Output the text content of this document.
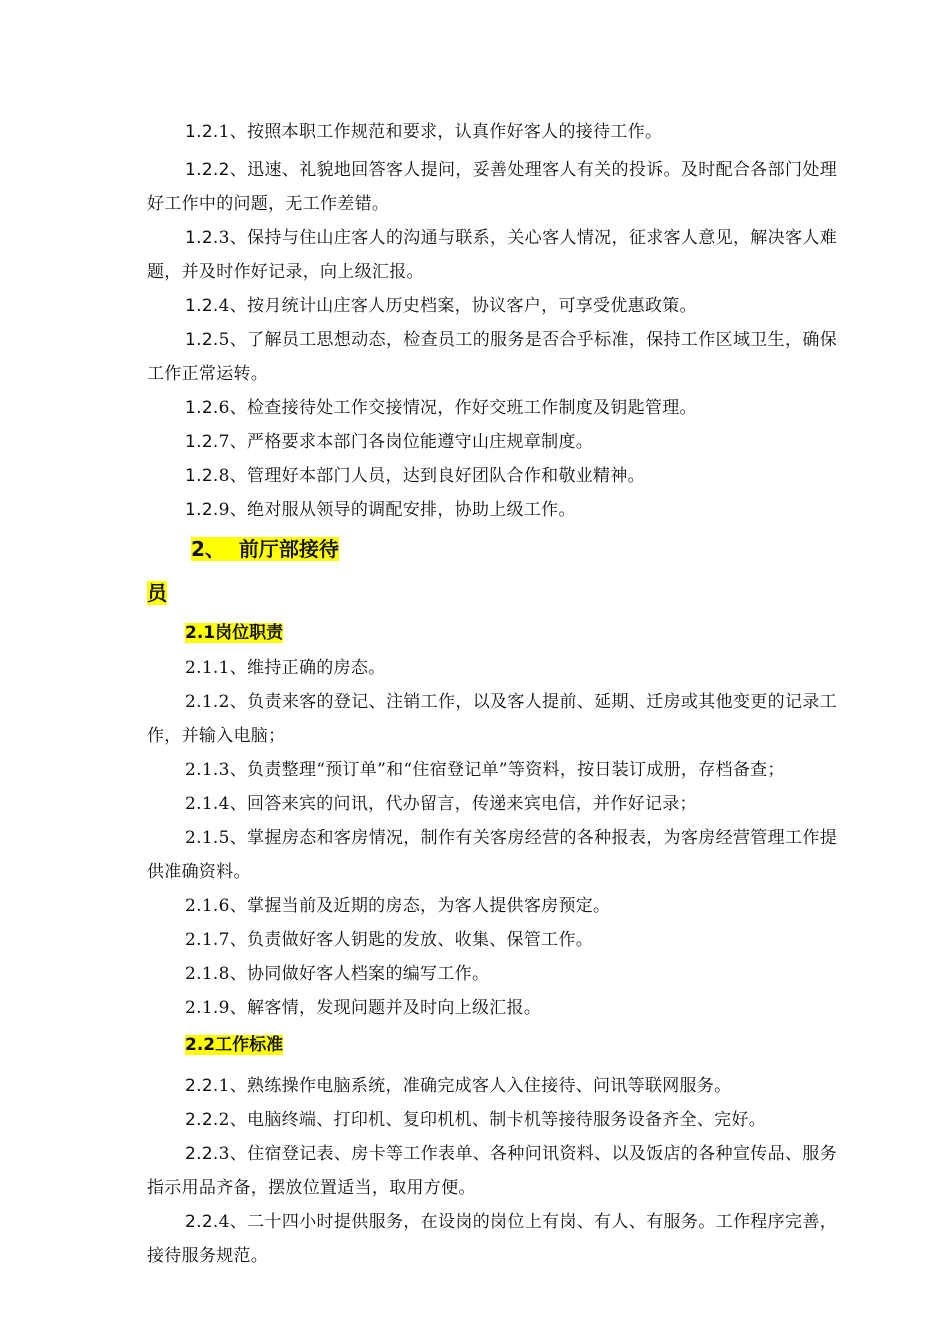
1.2.1、按照本职工作规范和要求，认真作好客人的接待工作。

1.2.2、迅速、礼貌地回答客人提问，妥善处理客人有关的投诉。及时配合各部门处理好工作中的问题，无工作差错。

1.2.3、保持与住山庄客人的沟通与联系，关心客人情况，征求客人意见，解决客人难题，并及时作好记录，向上级汇报。

1.2.4、按月统计山庄客人历史档案，协议客户，可享受优惠政策。

1.2.5、了解员工思想动态，检查员工的服务是否合乎标准，保持工作区域卫生，确保工作正常运转。

1.2.6、检查接待处工作交接情况，作好交班工作制度及钥匙管理。

1.2.7、严格要求本部门各岗位能遵守山庄规章制度。

1.2.8、管理好本部门人员，达到良好团队合作和敬业精神。

1.2.9、绝对服从领导的调配安排，协助上级工作。

2、 前厅部接待
员
2.1岗位职责

2.1.1、维持正确的房态。

2.1.2、负责来客的登记、注销工作，以及客人提前、延期、迁房或其他变更的记录工作，并输入电脑；

2.1.3、负责整理“预订单”和“住宿登记单”等资料，按日装订成册，存档备查；

2.1.4、回答来宾的问讯，代办留言，传递来宾电信，并作好记录；

2.1.5、掌握房态和客房情况，制作有关客房经营的各种报表，为客房经营管理工作提供准确资料。

2.1.6、掌握当前及近期的房态，为客人提供客房预定。

2.1.7、负责做好客人钥匙的发放、收集、保管工作。

2.1.8、协同做好客人档案的编写工作。

2.1.9、解客情，发现问题并及时向上级汇报。

2.2工作标准

2.2.1、熟练操作电脑系统，准确完成客人入住接待、问讯等联网服务。

2.2.2、电脑终端、打印机、复印机机、制卡机等接待服务设备齐全、完好。

2.2.3、住宿登记表、房卡等工作表单、各种问讯资料、以及饭店的各种宣传品、服务 指示用品齐备，摆放位置适当，取用方便。

2.2.4、二十四小时提供服务，在设岗的岗位上有岗、有人、有服务。工作程序完善， 接待服务规范。
